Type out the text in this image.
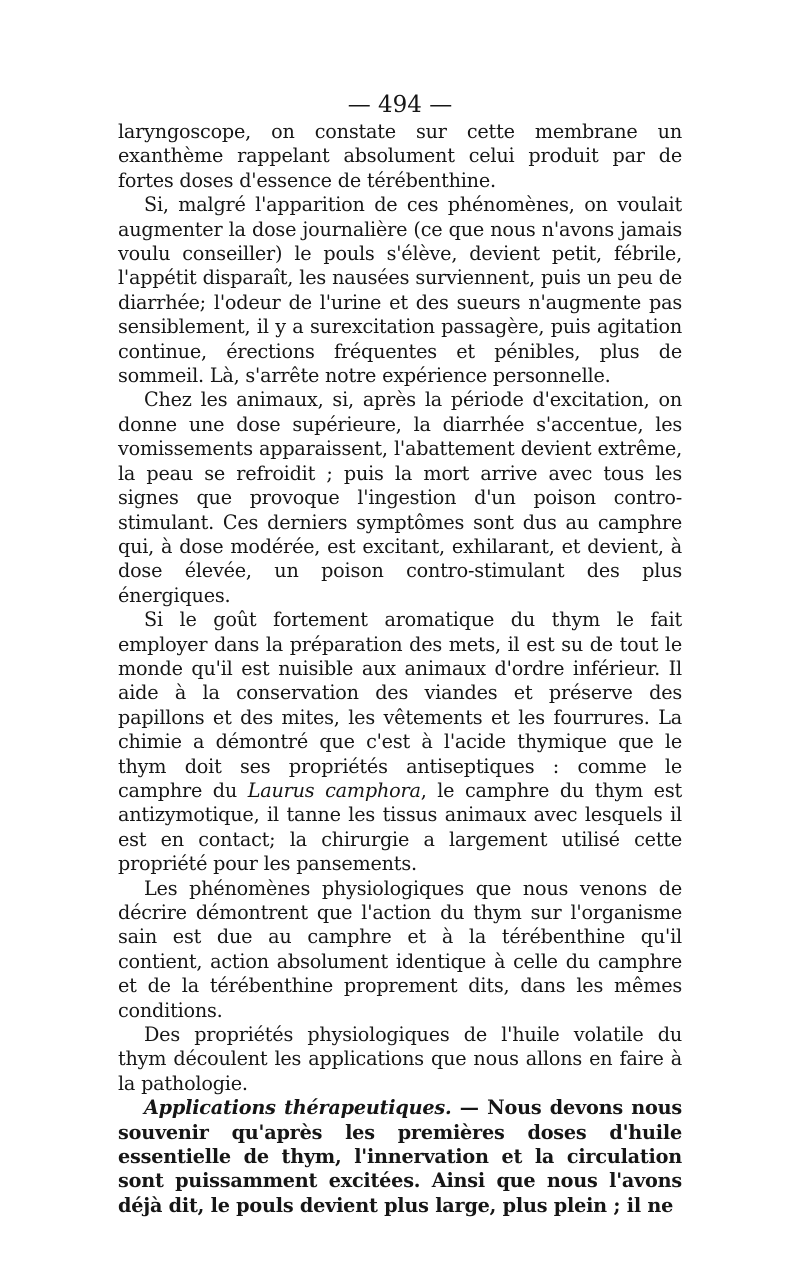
— 494 —

laryngoscope, on constate sur cette membrane un exanthème rappelant absolument celui produit par de fortes doses d'essence de térébenthine.

Si, malgré l'apparition de ces phénomènes, on voulait augmenter la dose journalière (ce que nous n'avons jamais voulu conseiller) le pouls s'élève, devient petit, fébrile, l'appétit disparaît, les nausées surviennent, puis un peu de diarrhée; l'odeur de l'urine et des sueurs n'augmente pas sensiblement, il y a surexcitation passagère, puis agitation continue, érections fréquentes et pénibles, plus de sommeil. Là, s'arrête notre expérience personnelle.

Chez les animaux, si, après la période d'excitation, on donne une dose supérieure, la diarrhée s'accentue, les vomissements apparaissent, l'abattement devient extrême, la peau se refroidit ; puis la mort arrive avec tous les signes que provoque l'ingestion d'un poison contro-stimulant. Ces derniers symptômes sont dus au camphre qui, à dose modérée, est excitant, exhilarant, et devient, à dose élevée, un poison contro-stimulant des plus énergiques.

Si le goût fortement aromatique du thym le fait employer dans la préparation des mets, il est su de tout le monde qu'il est nuisible aux animaux d'ordre inférieur. Il aide à la conservation des viandes et préserve des papillons et des mites, les vêtements et les fourrures. La chimie a démontré que c'est à l'acide thymique que le thym doit ses propriétés antiseptiques : comme le camphre du Laurus camphora, le camphre du thym est antizymotique, il tanne les tissus animaux avec lesquels il est en contact; la chirurgie a largement utilisé cette propriété pour les pansements.

Les phénomènes physiologiques que nous venons de décrire démontrent que l'action du thym sur l'organisme sain est due au camphre et à la térébenthine qu'il contient, action absolument identique à celle du camphre et de la térébenthine proprement dits, dans les mêmes conditions.

Des propriétés physiologiques de l'huile volatile du thym découlent les applications que nous allons en faire à la pathologie.

Applications thérapeutiques. — Nous devons nous souvenir qu'après les premières doses d'huile essentielle de thym, l'innervation et la circulation sont puissamment excitées. Ainsi que nous l'avons déjà dit, le pouls devient plus large, plus plein ; il ne
